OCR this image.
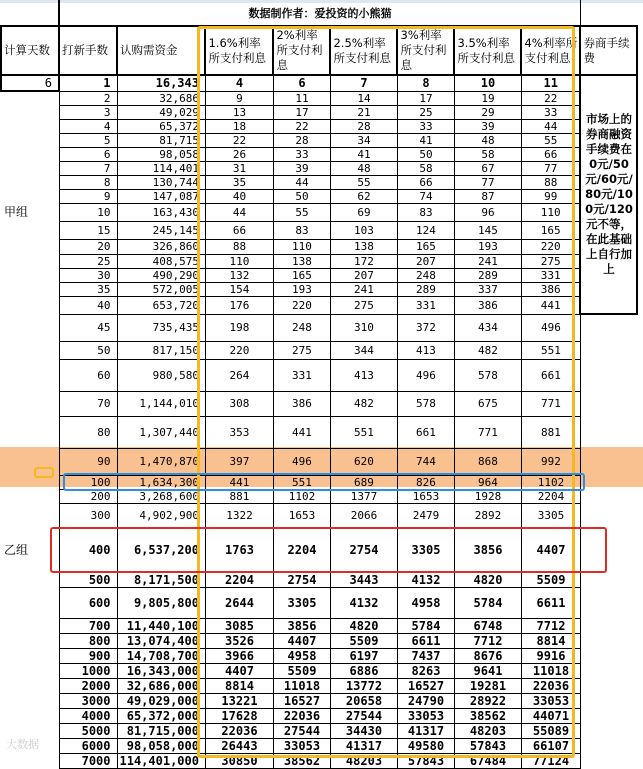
	数据制作者：爱投资的小熊猫								
计算天数	打新手数	认购需资金	1.6%利率所支付利息	2%利率所支付利息	2.5%利率所支付利息	3%利率所支付利息	3.5%利率所支付利息	4%利率所支付利息	券商手续费
6	1	16,343	4	6	7	8	10	11	市场上的券商融资手续费在0元/50元/60元/80元/100元/120元不等，在此基础上自行加上
	2	32,686	9	11	14	17	19	22	
	3	49,029	13	17	21	25	29	33	
	4	65,372	18	22	28	33	39	44	
	5	81,715	22	28	34	41	48	55	
	6	98,058	26	33	41	50	58	66	
	7	114,401	31	39	48	58	67	77	
	8	130,744	35	44	55	66	77	88	
	9	147,087	40	50	62	74	87	99	
	10	163,430	44	55	69	83	96	110	
	15	245,145	66	83	103	124	145	165	
	20	326,860	88	110	138	165	193	220	
	25	408,575	110	138	172	207	241	275	
	30	490,290	132	165	207	248	289	331	
	35	572,005	154	193	241	289	337	386	
	40	653,720	176	220	275	331	386	441	
	45	735,435	198	248	310	372	434	496	
	50	817,150	220	275	344	413	482	551	
	60	980,580	264	331	413	496	578	661	
	70	1,144,010	308	386	482	578	675	771	
	80	1,307,440	353	441	551	661	771	881	
	90	1,470,870	397	496	620	744	868	992	
	100	1,634,300	441	551	689	826	964	1102	
	200	3,268,600	881	1102	1377	1653	1928	2204	
	300	4,902,900	1322	1653	2066	2479	2892	3305	
	400	6,537,200	1763	2204	2754	3305	3856	4407	
	500	8,171,500	2204	2754	3443	4132	4820	5509	
	600	9,805,800	2644	3305	4132	4958	5784	6611	
	700	11,440,100	3085	3856	4820	5784	6748	7712	
	800	13,074,400	3526	4407	5509	6611	7712	8814	
	900	14,708,700	3966	4958	6197	7437	8676	9916	
	1000	16,343,000	4407	5509	6886	8263	9641	11018	
	2000	32,686,000	8814	11018	13772	16527	19281	22036	
	3000	49,029,000	13221	16527	20658	24790	28922	33053	
	4000	65,372,000	17628	22036	27544	33053	38562	44071	
	5000	81,715,000	22036	27544	34430	41317	48203	55089	
	6000	98,058,000	26443	33053	41317	49580	57843	66107	
	7000	114,401,000	30850	38562	48203	57843	67484	77124	
甲组
乙组
大数据
